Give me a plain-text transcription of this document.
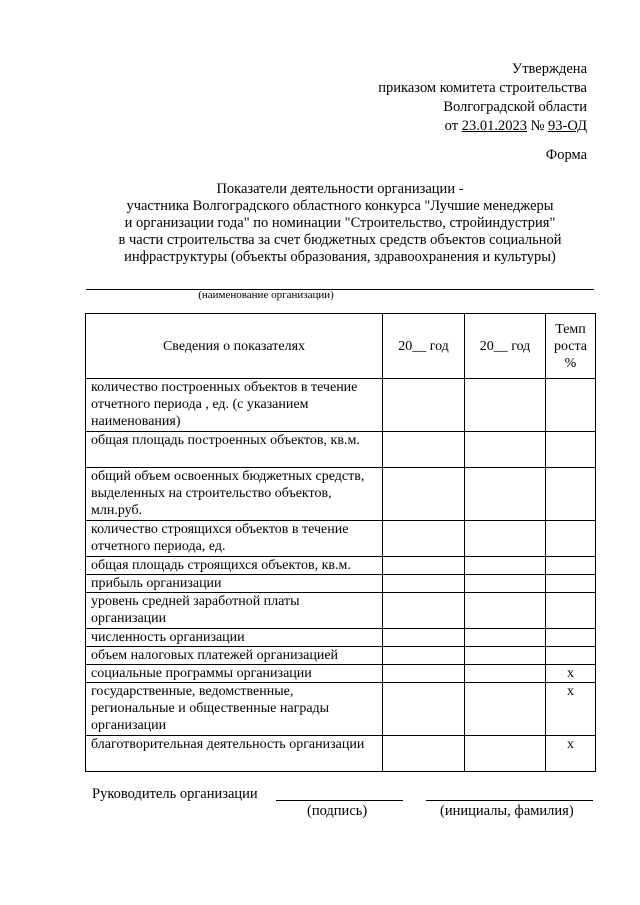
Утверждена
приказом комитета строительства
Волгоградской области
от 23.01.2023 № 93-ОД
Форма
Показатели деятельности организации -
участника Волгоградского областного конкурса "Лучшие менеджеры
и организации года" по номинации "Строительство, стройиндустрия"
в части строительства за счет бюджетных средств объектов социальной
инфраструктуры (объекты образования, здравоохранения и культуры)
(наименование организации)
Сведения о показателях	20__ год	20__ год	Темп роста %
количество построенных объектов в течение отчетного периода , ед. (с указанием наименования)			
общая площадь построенных объектов, кв.м.			
общий объем освоенных бюджетных средств, выделенных на строительство объектов, млн.руб.			
количество строящихся объектов в течение отчетного периода, ед.			
общая площадь строящихся объектов, кв.м.			
прибыль организации			
уровень средней заработной платы организации			
численность организации			
объем налоговых платежей организацией			
социальные программы организации			х
государственные, ведомственные, региональные и общественные награды организации			х
благотворительная деятельность организации			х
Руководитель организации
(подпись)	(инициалы, фамилия)
